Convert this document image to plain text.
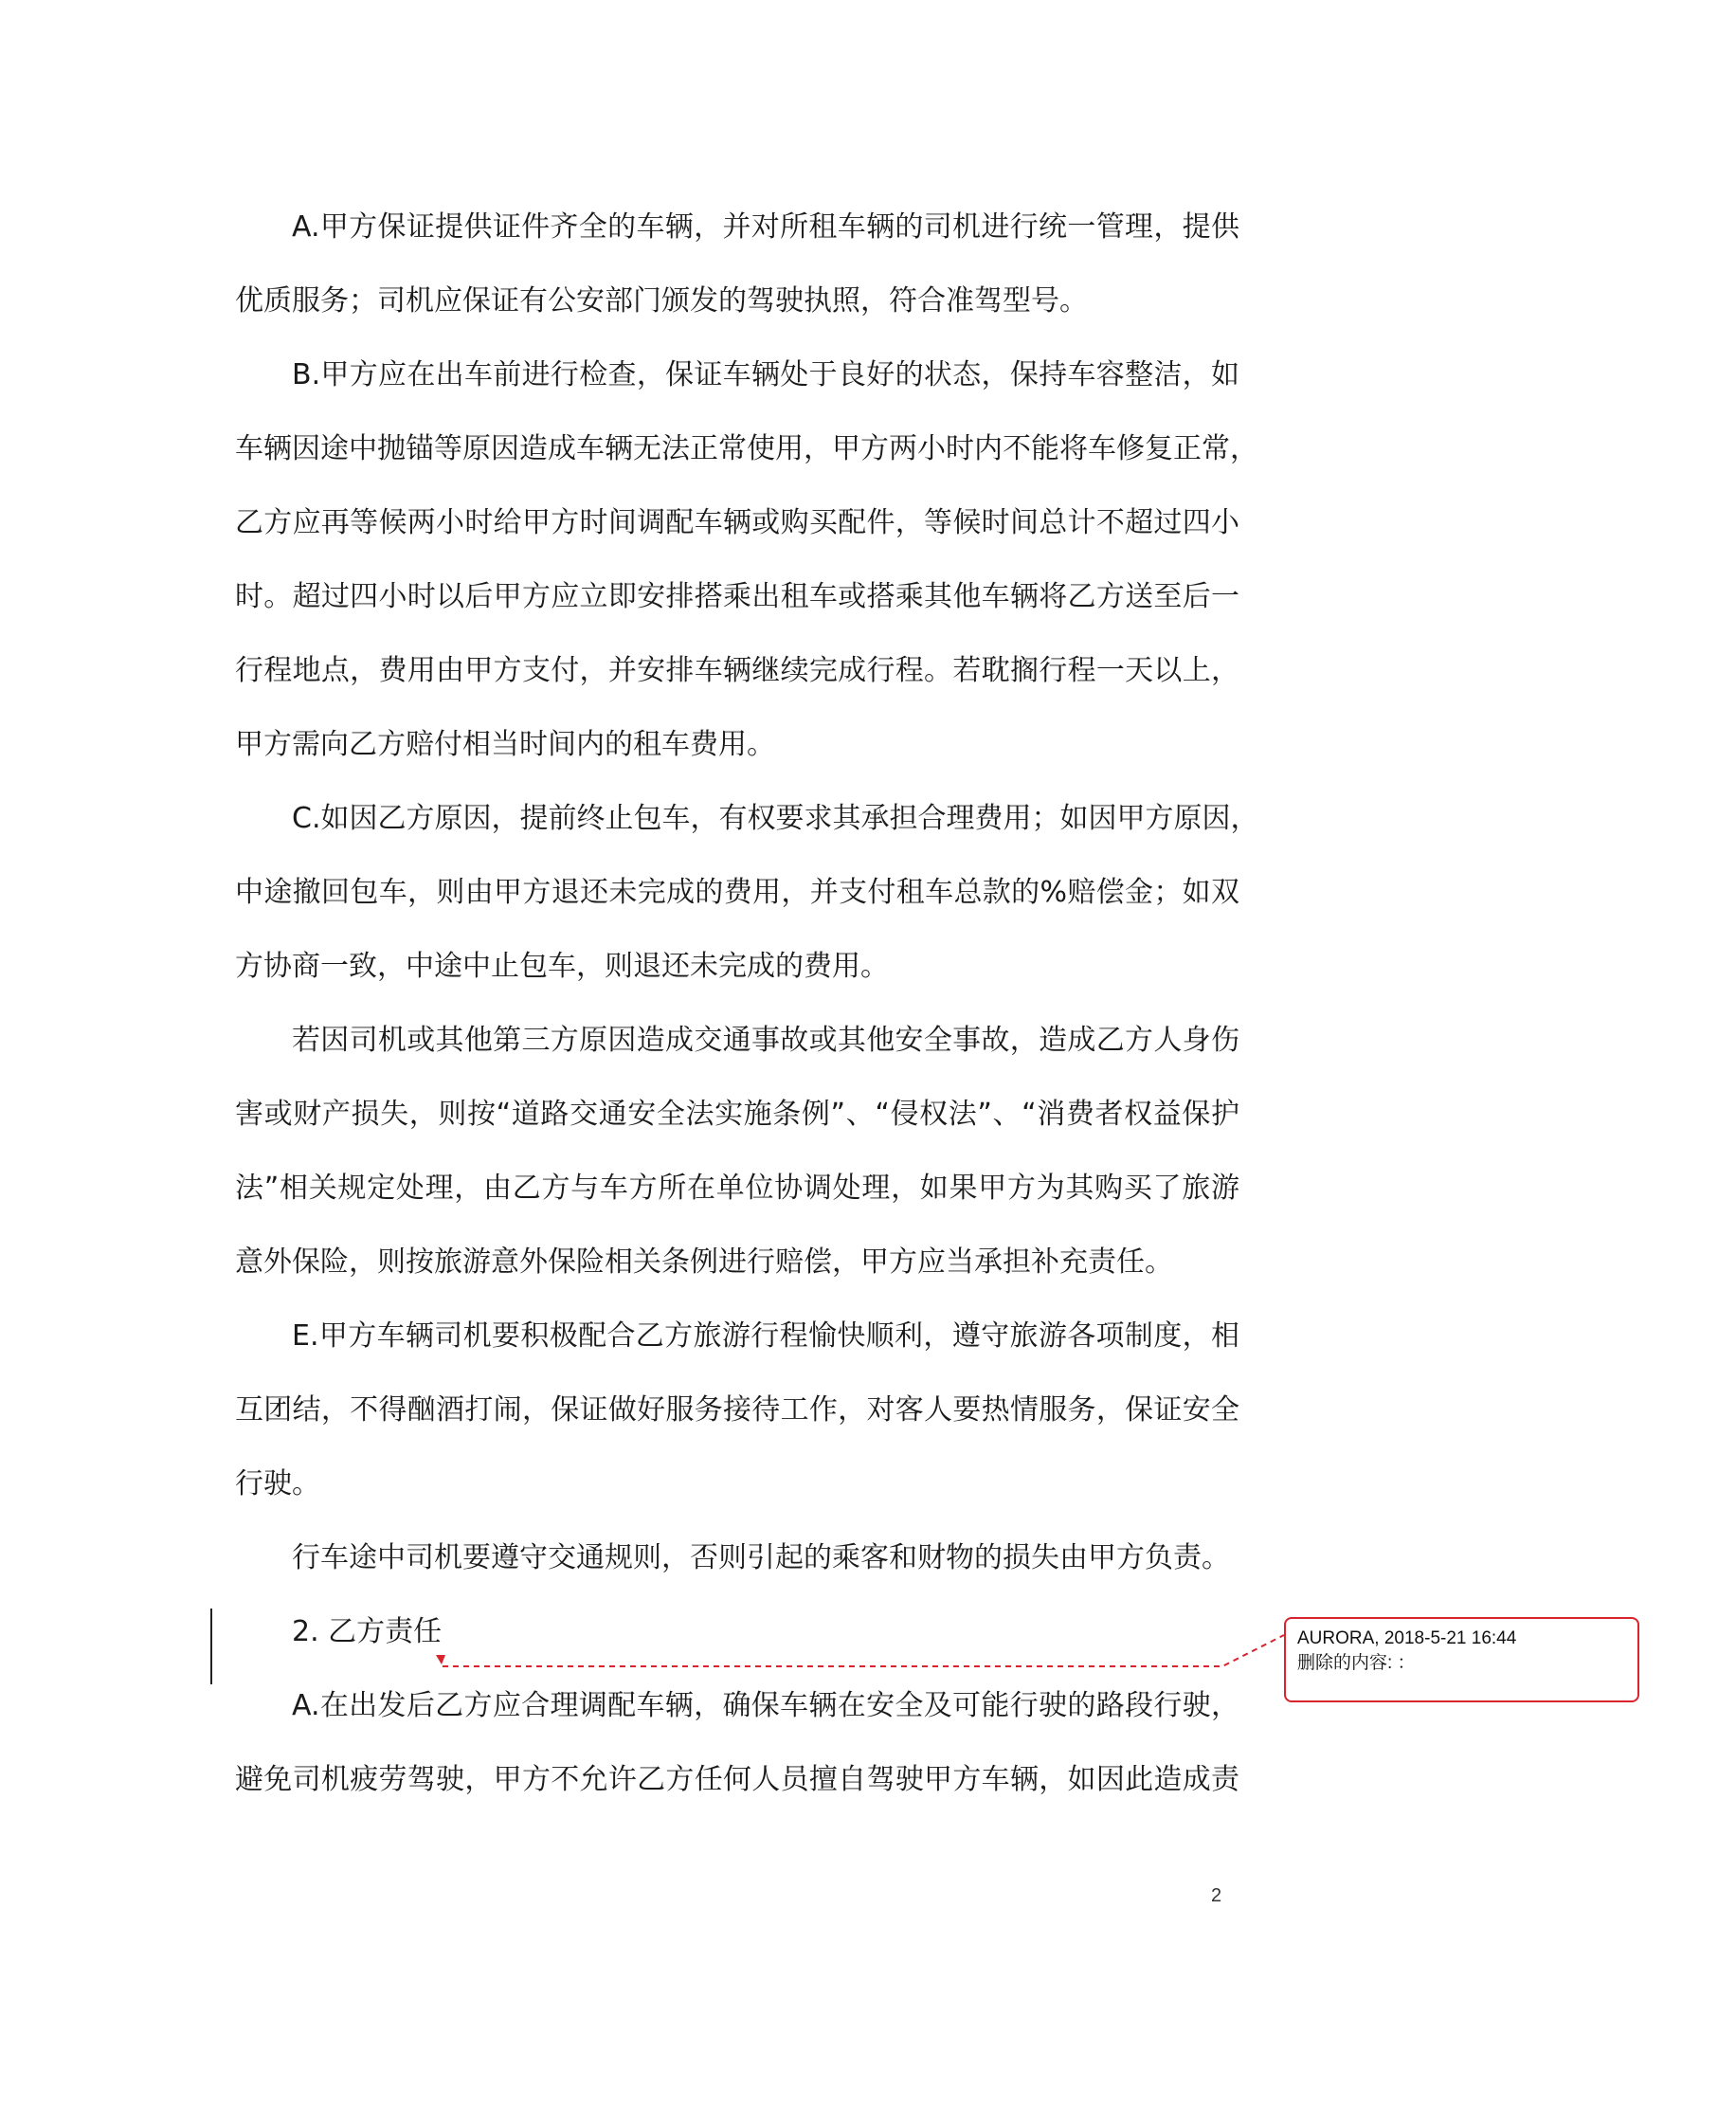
A.甲方保证提供证件齐全的车辆，并对所租车辆的司机进行统一管理，提供
优质服务；司机应保证有公安部门颁发的驾驶执照，符合准驾型号。
B.甲方应在出车前进行检查，保证车辆处于良好的状态，保持车容整洁，如
车辆因途中抛锚等原因造成车辆无法正常使用，甲方两小时内不能将车修复正常，
乙方应再等候两小时给甲方时间调配车辆或购买配件，等候时间总计不超过四小
时。超过四小时以后甲方应立即安排搭乘出租车或搭乘其他车辆将乙方送至后一
行程地点，费用由甲方支付，并安排车辆继续完成行程。若耽搁行程一天以上，
甲方需向乙方赔付相当时间内的租车费用。
C.如因乙方原因，提前终止包车，有权要求其承担合理费用；如因甲方原因，
中途撤回包车，则由甲方退还未完成的费用，并支付租车总款的%赔偿金；如双
方协商一致，中途中止包车，则退还未完成的费用。
若因司机或其他第三方原因造成交通事故或其他安全事故，造成乙方人身伤
害或财产损失，则按“道路交通安全法实施条例”、“侵权法”、“消费者权益保护
法”相关规定处理，由乙方与车方所在单位协调处理，如果甲方为其购买了旅游
意外保险，则按旅游意外保险相关条例进行赔偿，甲方应当承担补充责任。
E.甲方车辆司机要积极配合乙方旅游行程愉快顺利，遵守旅游各项制度，相
互团结，不得酗酒打闹，保证做好服务接待工作，对客人要热情服务，保证安全
行驶。
行车途中司机要遵守交通规则，否则引起的乘客和财物的损失由甲方负责。
2. 乙方责任
A.在出发后乙方应合理调配车辆，确保车辆在安全及可能行驶的路段行驶，
避免司机疲劳驾驶，甲方不允许乙方任何人员擅自驾驶甲方车辆，如因此造成责
AURORA, 2018-5-21 16:44
删除的内容: ：
2
